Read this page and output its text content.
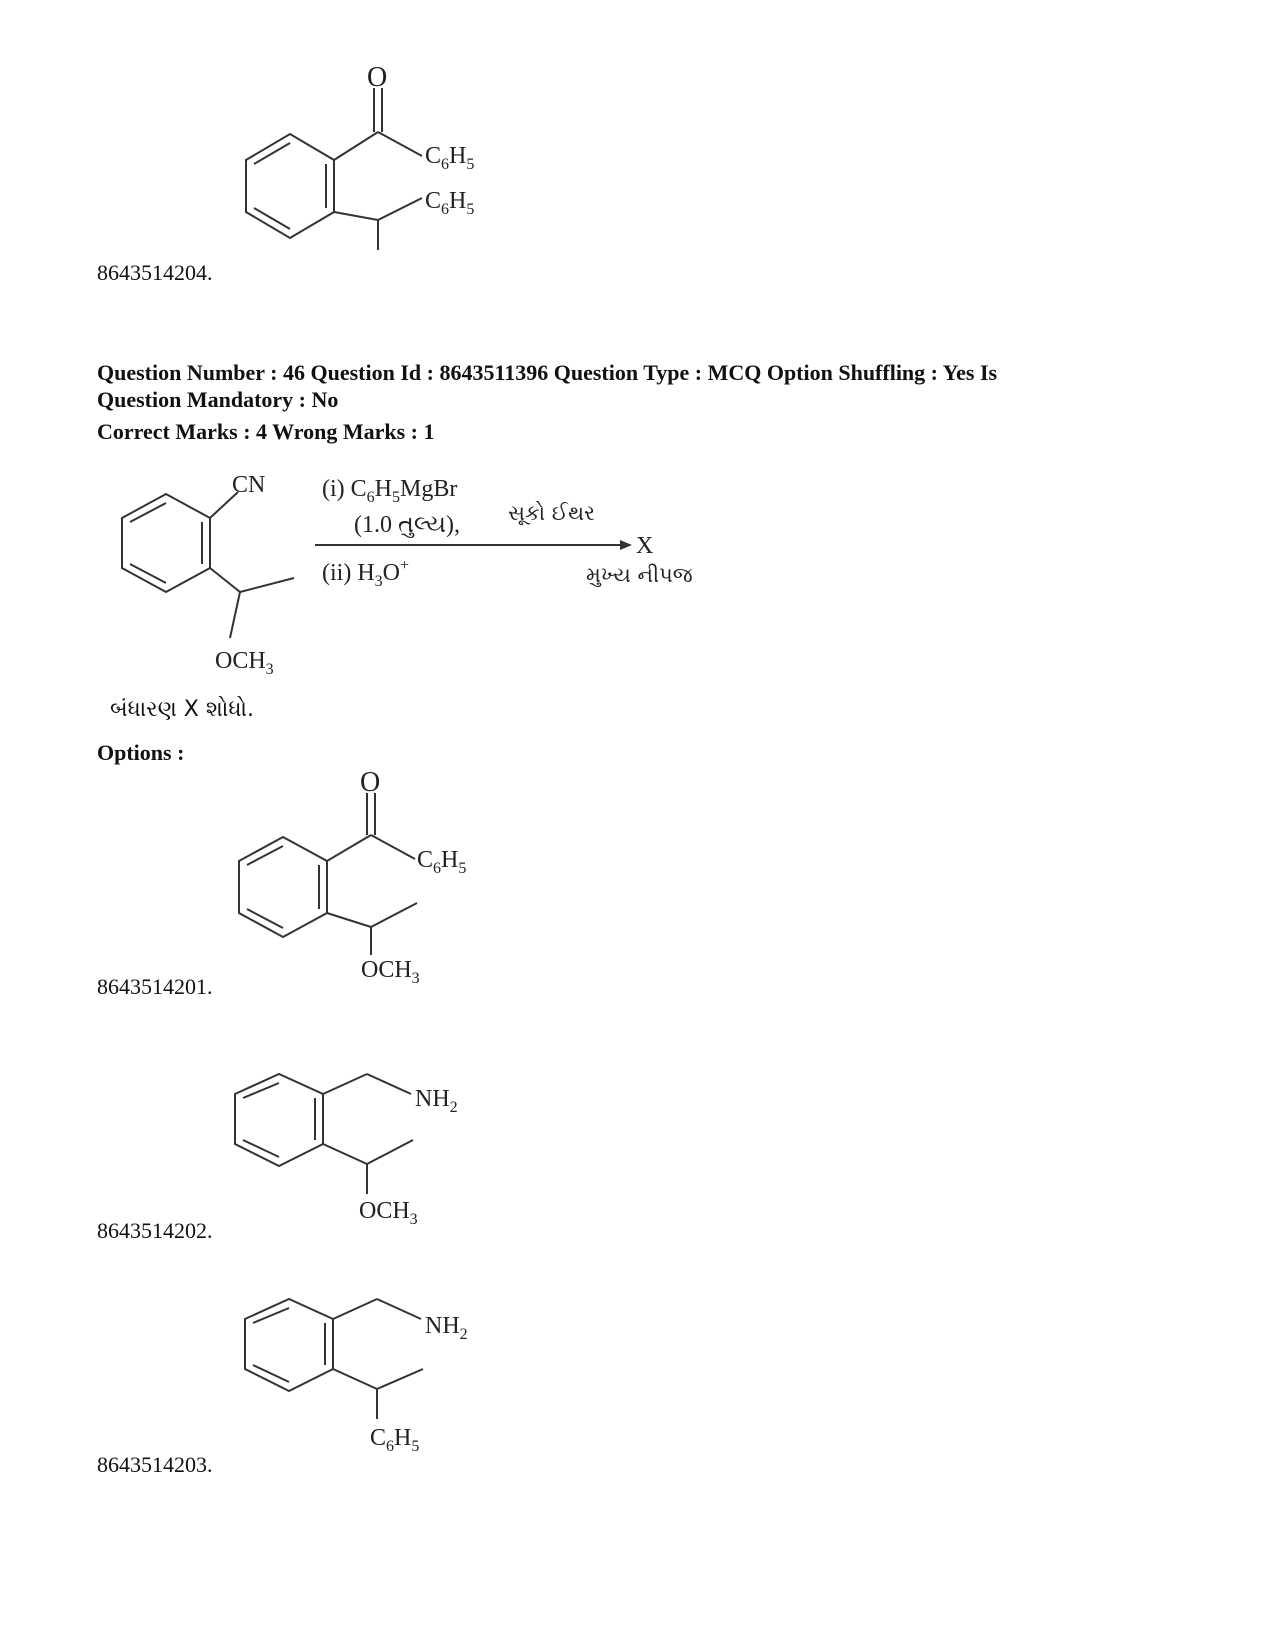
O
$C_6H_5$
$C_6H_5$
8643514204.
Question Number : 46 Question Id : 8643511396 Question Type : MCQ Option Shuffling : Yes Is
Question Mandatory : No
Correct Marks : 4 Wrong Marks : 1
CN
$OCH_3$
(i) $C_6H_5MgBr$
(1.0 તુલ્ય), સૂકો ઈથર
X
(ii) $H_3O^+$	મુખ્ય નીપજ
બંધારણ X શોધો.
Options :
O
$C_6H_5$
$OCH_3$
8643514201.
$NH_2$
$OCH_3$
8643514202.
$NH_2$
$C_6H_5$
8643514203.
